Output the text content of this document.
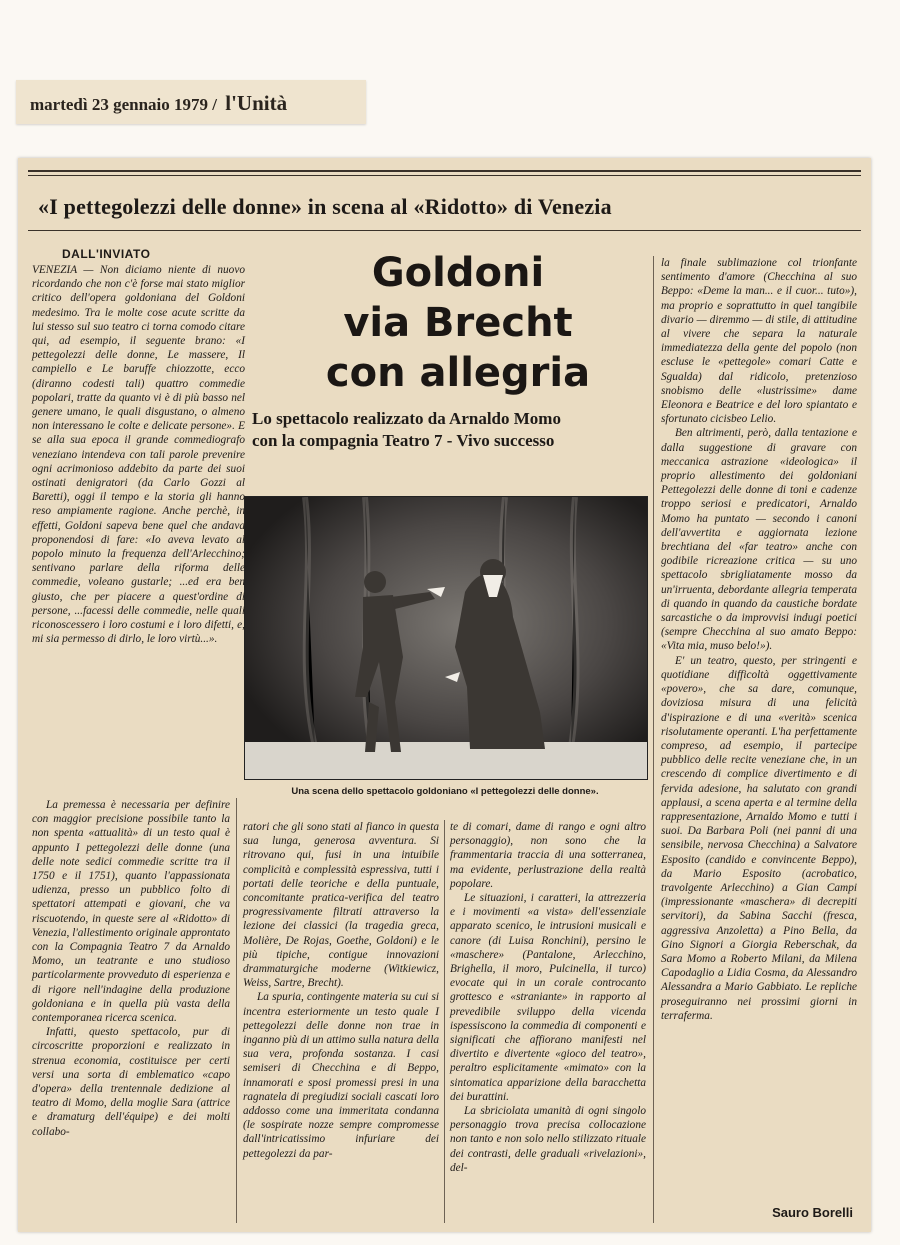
martedì 23 gennaio 1979 / l'Unità
«I pettegolezzi delle donne» in scena al «Ridotto» di Venezia
DALL'INVIATO	Goldoni
via Brecht
con allegria
Lo spettacolo realizzato da Arnaldo Momo
con la compagnia Teatro 7 - Vivo successo
Una scena dello spettacolo goldoniano «I pettegolezzi delle donne».

VENEZIA — Non diciamo niente di nuovo ricordando che non c'è forse mai stato miglior critico dell'opera goldoniana del Goldoni medesimo. Tra le molte cose acute scritte da lui stesso sul suo teatro ci torna comodo citare qui, ad esempio, il seguente brano: «I pettegolezzi delle donne, Le massere, Il campiello e Le baruffe chiozzotte, ecco (diranno codesti tali) quattro commedie popolari, tratte da quanto vi è di più basso nel genere umano, le quali disgustano, o almeno non interessano le colte e delicate persone». E se alla sua epoca il grande commediografo veneziano intendeva con tali parole prevenire ogni acrimonioso addebito da parte dei suoi ostinati denigratori (da Carlo Gozzi al Baretti), oggi il tempo e la storia gli hanno reso ampiamente ragione. Anche perchè, in effetti, Goldoni sapeva bene quel che andava proponendosi di fare: «Io aveva levato al popolo minuto la frequenza dell'Arlecchino; sentivano parlare della riforma delle commedie, voleano gustarle; ...ed era ben giusto, che per piacere a quest'ordine di persone, ...facessi delle commedie, nelle quali riconoscessero i loro costumi e i loro difetti, e, mi sia permesso di dirlo, le loro virtù...».

La premessa è necessaria per definire con maggior precisione possibile tanto la non spenta «attualità» di un testo qual è appunto I pettegolezzi delle donne (una delle note sedici commedie scritte tra il 1750 e il 1751), quanto l'appassionata udienza, presso un pubblico folto di spettatori attempati e giovani, che va riscuotendo, in queste sere al «Ridotto» di Venezia, l'allestimento originale approntato con la Compagnia Teatro 7 da Arnaldo Momo, un teatrante e uno studioso particolarmente provveduto di esperienza e di rigore nell'indagine della produzione goldoniana e in quella più vasta della contemporanea ricerca scenica.

Infatti, questo spettacolo, pur di circoscritte proporzioni e realizzato in strenua economia, costituisce per certi versi una sorta di emblematico «capo d'opera» della trentennale dedizione al teatro di Momo, della moglie Sara (attrice e dramaturg dell'équipe) e dei molti collabo-

ratori che gli sono stati al fianco in questa sua lunga, generosa avventura. Si ritrovano qui, fusi in una intuibile complicità e complessità espressiva, tutti i portati delle teoriche e della puntuale, concomitante pratica-verifica del teatro progressivamente filtrati attraverso la lezione dei classici (la tragedia greca, Molière, De Rojas, Goethe, Goldoni) e le più tipiche, contigue innovazioni drammaturgiche moderne (Witkiewicz, Weiss, Sartre, Brecht).

La spuria, contingente materia su cui si incentra esteriormente un testo quale I pettegolezzi delle donne non trae in inganno più di un attimo sulla natura della sua vera, profonda sostanza. I casi semiseri di Checchina e di Beppo, innamorati e sposi promessi presi in una ragnatela di pregiudizi sociali cascati loro addosso come una immeritata condanna (le sospirate nozze sempre compromesse dall'intricatissimo infuriare dei pettegolezzi da par-

te di comari, dame di rango e ogni altro personaggio), non sono che la frammentaria traccia di una sotterranea, ma evidente, perlustrazione della realtà popolare.

Le situazioni, i caratteri, la attrezzeria e i movimenti «a vista» dell'essenziale apparato scenico, le intrusioni musicali e canore (di Luisa Ronchini), persino le «maschere» (Pantalone, Arlecchino, Brighella, il moro, Pulcinella, il turco) evocate qui in un corale controcanto grottesco e «straniante» in rapporto al prevedibile sviluppo della vicenda ispessiscono la commedia di componenti e significati che affiorano manifesti nel divertito e divertente «gioco del teatro», peraltro esplicitamente «mimato» con la sintomatica apparizione della baracchetta dei burattini.

La sbriciolata umanità di ogni singolo personaggio trova precisa collocazione non tanto e non solo nello stilizzato rituale dei contrasti, delle graduali «rivelazioni», del-

la finale sublimazione col trionfante sentimento d'amore (Checchina al suo Beppo: «Deme la man... e il cuor... tuto»), ma proprio e soprattutto in quel tangibile divario — diremmo — di stile, di attitudine al vivere che separa la naturale immediatezza della gente del popolo (non escluse le «pettegole» comari Catte e Sgualda) dal ridicolo, pretenzioso snobismo delle «lustrissime» dame Eleonora e Beatrice e del loro spiantato e sfortunato cicisbeo Lelio.

Ben altrimenti, però, dalla tentazione e dalla suggestione di gravare con meccanica astrazione «ideologica» il proprio allestimento dei goldoniani Pettegolezzi delle donne di toni e cadenze troppo seriosi e predicatori, Arnaldo Momo ha puntato — secondo i canoni dell'avvertita e aggiornata lezione brechtiana del «far teatro» anche con godibile ricreazione critica — su uno spettacolo sbrigliatamente mosso da un'irruenta, debordante allegria temperata di quando in quando da caustiche bordate sarcastiche o da improvvisi indugi poetici (sempre Checchina al suo amato Beppo: «Vita mia, muso belo!»).

E' un teatro, questo, per stringenti e quotidiane difficoltà oggettivamente «povero», che sa dare, comunque, doviziosa misura di una felicità d'ispirazione e di una «verità» scenica risolutamente operanti. L'ha perfettamente compreso, ad esempio, il partecipe pubblico delle recite veneziane che, in un crescendo di complice divertimento e di fervida adesione, ha salutato con grandi applausi, a scena aperta e al termine della rappresentazione, Arnaldo Momo e tutti i suoi. Da Barbara Poli (nei panni di una sensibile, nervosa Checchina) a Salvatore Esposito (candido e convincente Beppo), da Mario Esposito (acrobatico, travolgente Arlecchino) a Gian Campi (impressionante «maschera» di decrepiti servitori), da Sabina Sacchi (fresca, aggressiva Anzoletta) a Pino Bella, da Gino Signori a Giorgia Reberschak, da Sara Momo a Roberto Milani, da Milena Capodaglio a Lidia Cosma, da Alessandro Alessandra a Mario Gabbiato. Le repliche proseguiranno nei prossimi giorni in terraferma.

Sauro Borelli
